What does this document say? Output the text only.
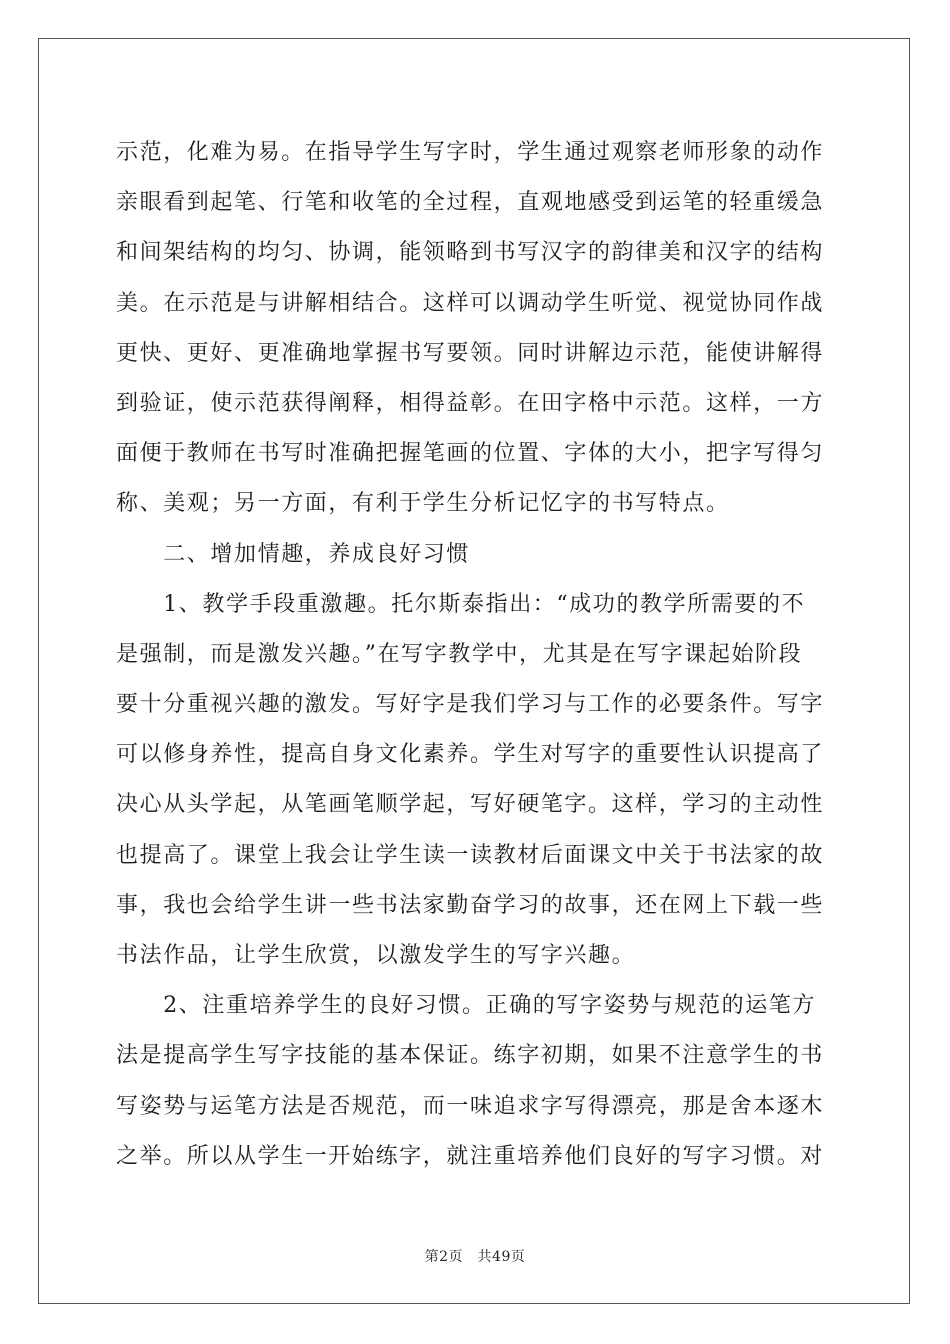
示范，化难为易。在指导学生写字时，学生通过观察老师形象的动作
亲眼看到起笔、行笔和收笔的全过程，直观地感受到运笔的轻重缓急
和间架结构的均匀、协调，能领略到书写汉字的韵律美和汉字的结构
美。在示范是与讲解相结合。这样可以调动学生听觉、视觉协同作战
更快、更好、更准确地掌握书写要领。同时讲解边示范，能使讲解得
到验证，使示范获得阐释，相得益彰。在田字格中示范。这样，一方
面便于教师在书写时准确把握笔画的位置、字体的大小，把字写得匀
称、美观；另一方面，有利于学生分析记忆字的书写特点。
　　二、增加情趣，养成良好习惯
　　1、教学手段重激趣。托尔斯泰指出：“成功的教学所需要的不
是强制，而是激发兴趣。”在写字教学中，尤其是在写字课起始阶段
要十分重视兴趣的激发。写好字是我们学习与工作的必要条件。写字
可以修身养性，提高自身文化素养。学生对写字的重要性认识提高了
决心从头学起，从笔画笔顺学起，写好硬笔字。这样，学习的主动性
也提高了。课堂上我会让学生读一读教材后面课文中关于书法家的故
事，我也会给学生讲一些书法家勤奋学习的故事，还在网上下载一些
书法作品，让学生欣赏，以激发学生的写字兴趣。
　　2、注重培养学生的良好习惯。正确的写字姿势与规范的运笔方
法是提高学生写字技能的基本保证。练字初期，如果不注意学生的书
写姿势与运笔方法是否规范，而一味追求字写得漂亮，那是舍本逐木
之举。所以从学生一开始练字，就注重培养他们良好的写字习惯。对
第2页　共49页
